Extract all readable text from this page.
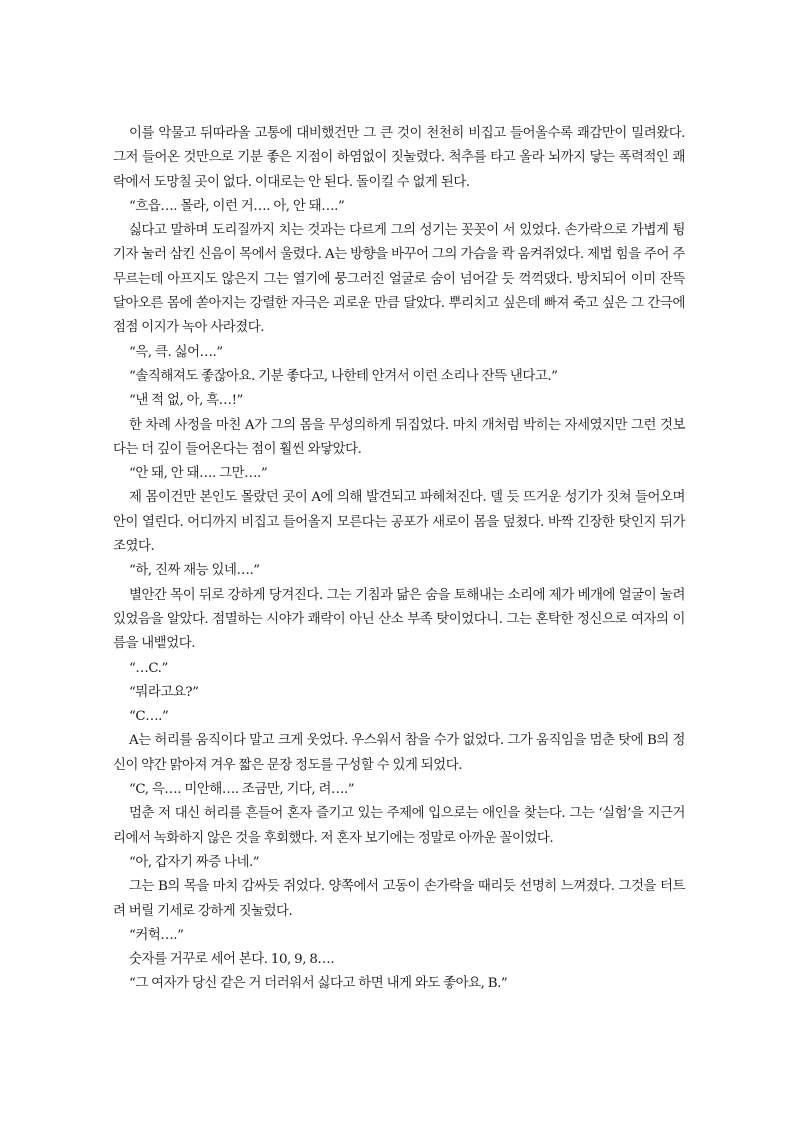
이를 악물고 뒤따라올 고통에 대비했건만 그 큰 것이 천천히 비집고 들어올수록 쾌감만이 밀려왔다. 그저 들어온 것만으로 기분 좋은 지점이 하염없이 짓눌렸다. 척추를 타고 올라 뇌까지 닿는 폭력적인 쾌락에서 도망칠 곳이 없다. 이대로는 안 된다. 돌이킬 수 없게 된다.

“흐읍…. 몰라, 이런 거…. 아, 안 돼….”

싫다고 말하며 도리질까지 치는 것과는 다르게 그의 성기는 꼿꼿이 서 있었다. 손가락으로 가볍게 튕기자 눌러 삼킨 신음이 목에서 울렸다. A는 방향을 바꾸어 그의 가슴을 콱 움켜쥐었다. 제법 힘을 주어 주무르는데 아프지도 않은지 그는 열기에 뭉그러진 얼굴로 숨이 넘어갈 듯 꺽꺽댔다. 방치되어 이미 잔뜩 달아오른 몸에 쏟아지는 강렬한 자극은 괴로운 만큼 달았다. 뿌리치고 싶은데 빠져 죽고 싶은 그 간극에 점점 이지가 녹아 사라졌다.

“윽, 큭. 싫어….”

“솔직해져도 좋잖아요. 기분 좋다고, 나한테 안겨서 이런 소리나 잔뜩 낸다고.”

“낸 적 없, 아, 흑…!”

한 차례 사정을 마친 A가 그의 몸을 무성의하게 뒤집었다. 마치 개처럼 박히는 자세였지만 그런 것보다는 더 깊이 들어온다는 점이 훨씬 와닿았다.

“안 돼, 안 돼…. 그만….”

제 몸이건만 본인도 몰랐던 곳이 A에 의해 발견되고 파헤쳐진다. 델 듯 뜨거운 성기가 짓쳐 들어오며 안이 열린다. 어디까지 비집고 들어올지 모른다는 공포가 새로이 몸을 덮쳤다. 바짝 긴장한 탓인지 뒤가 조였다.

“하, 진짜 재능 있네….”

별안간 목이 뒤로 강하게 당겨진다. 그는 기침과 닮은 숨을 토해내는 소리에 제가 베개에 얼굴이 눌려 있었음을 알았다. 점멸하는 시야가 쾌락이 아닌 산소 부족 탓이었다니. 그는 혼탁한 정신으로 여자의 이름을 내뱉었다.

“…C.”

“뭐라고요?”

“C….”

A는 허리를 움직이다 말고 크게 웃었다. 우스워서 참을 수가 없었다. 그가 움직임을 멈춘 탓에 B의 정신이 약간 맑아져 겨우 짧은 문장 정도를 구성할 수 있게 되었다.

“C, 윽…. 미안해…. 조금만, 기다, 려….”

멈춘 저 대신 허리를 흔들어 혼자 즐기고 있는 주제에 입으로는 애인을 찾는다. 그는 ‘실험’을 지근거리에서 녹화하지 않은 것을 후회했다. 저 혼자 보기에는 정말로 아까운 꼴이었다.

“아, 갑자기 짜증 나네.”

그는 B의 목을 마치 감싸듯 쥐었다. 양쪽에서 고동이 손가락을 때리듯 선명히 느껴졌다. 그것을 터트려 버릴 기세로 강하게 짓눌렀다.

“커헉….”

숫자를 거꾸로 세어 본다. 10, 9, 8….

“그 여자가 당신 같은 거 더러워서 싫다고 하면 내게 와도 좋아요, B.”
